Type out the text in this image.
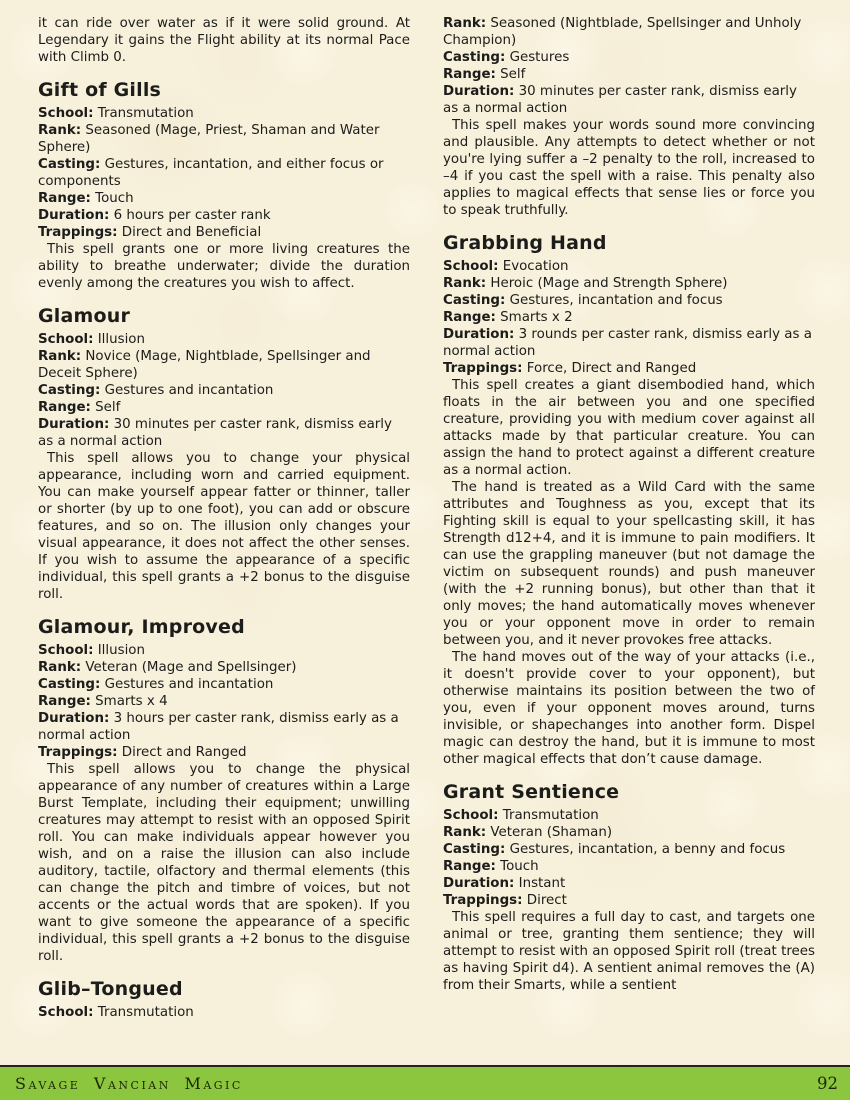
it can ride over water as if it were solid ground. At Legendary it gains the Flight ability at its normal Pace with Climb 0.

Gift of Gills
School: Transmutation
Rank: Seasoned (Mage, Priest, Shaman and Water Sphere)
Casting: Gestures, incantation, and either focus or components
Range: Touch
Duration: 6 hours per caster rank
Trappings: Direct and Beneficial

This spell grants one or more living creatures the ability to breathe underwater; divide the duration evenly among the creatures you wish to affect.

Glamour
School: Illusion
Rank: Novice (Mage, Nightblade, Spellsinger and Deceit Sphere)
Casting: Gestures and incantation
Range: Self
Duration: 30 minutes per caster rank, dismiss early as a normal action

This spell allows you to change your physical appearance, including worn and carried equipment. You can make yourself appear fatter or thinner, taller or shorter (by up to one foot), you can add or obscure features, and so on. The illusion only changes your visual appearance, it does not affect the other senses. If you wish to assume the appearance of a specific individual, this spell grants a +2 bonus to the disguise roll.

Glamour, Improved
School: Illusion
Rank: Veteran (Mage and Spellsinger)
Casting: Gestures and incantation
Range: Smarts x 4
Duration: 3 hours per caster rank, dismiss early as a normal action
Trappings: Direct and Ranged

This spell allows you to change the physical appearance of any number of creatures within a Large Burst Template, including their equipment; unwilling creatures may attempt to resist with an opposed Spirit roll. You can make individuals appear however you wish, and on a raise the illusion can also include auditory, tactile, olfactory and thermal elements (this can change the pitch and timbre of voices, but not accents or the actual words that are spoken). If you want to give someone the appearance of a specific individual, this spell grants a +2 bonus to the disguise roll.

Glib–Tongued
School: Transmutation
Rank: Seasoned (Nightblade, Spellsinger and Unholy Champion)
Casting: Gestures
Range: Self
Duration: 30 minutes per caster rank, dismiss early as a normal action

This spell makes your words sound more convincing and plausible. Any attempts to detect whether or not you're lying suffer a –2 penalty to the roll, increased to –4 if you cast the spell with a raise. This penalty also applies to magical effects that sense lies or force you to speak truthfully.

Grabbing Hand
School: Evocation
Rank: Heroic (Mage and Strength Sphere)
Casting: Gestures, incantation and focus
Range: Smarts x 2
Duration: 3 rounds per caster rank, dismiss early as a normal action
Trappings: Force, Direct and Ranged

This spell creates a giant disembodied hand, which floats in the air between you and one specified creature, providing you with medium cover against all attacks made by that particular creature. You can assign the hand to protect against a different creature as a normal action.

The hand is treated as a Wild Card with the same attributes and Toughness as you, except that its Fighting skill is equal to your spellcasting skill, it has Strength d12+4, and it is immune to pain modifiers. It can use the grappling maneuver (but not damage the victim on subsequent rounds) and push maneuver (with the +2 running bonus), but other than that it only moves; the hand automatically moves whenever you or your opponent move in order to remain between you, and it never provokes free attacks.

The hand moves out of the way of your attacks (i.e., it doesn't provide cover to your opponent), but otherwise maintains its position between the two of you, even if your opponent moves around, turns invisible, or shapechanges into another form. Dispel magic can destroy the hand, but it is immune to most other magical effects that don’t cause damage.

Grant Sentience
School: Transmutation
Rank: Veteran (Shaman)
Casting: Gestures, incantation, a benny and focus
Range: Touch
Duration: Instant
Trappings: Direct

This spell requires a full day to cast, and targets one animal or tree, granting them sentience; they will attempt to resist with an opposed Spirit roll (treat trees as having Spirit d4). A sentient animal removes the (A) from their Smarts, while a sentient

Savage Vancian Magic	92
